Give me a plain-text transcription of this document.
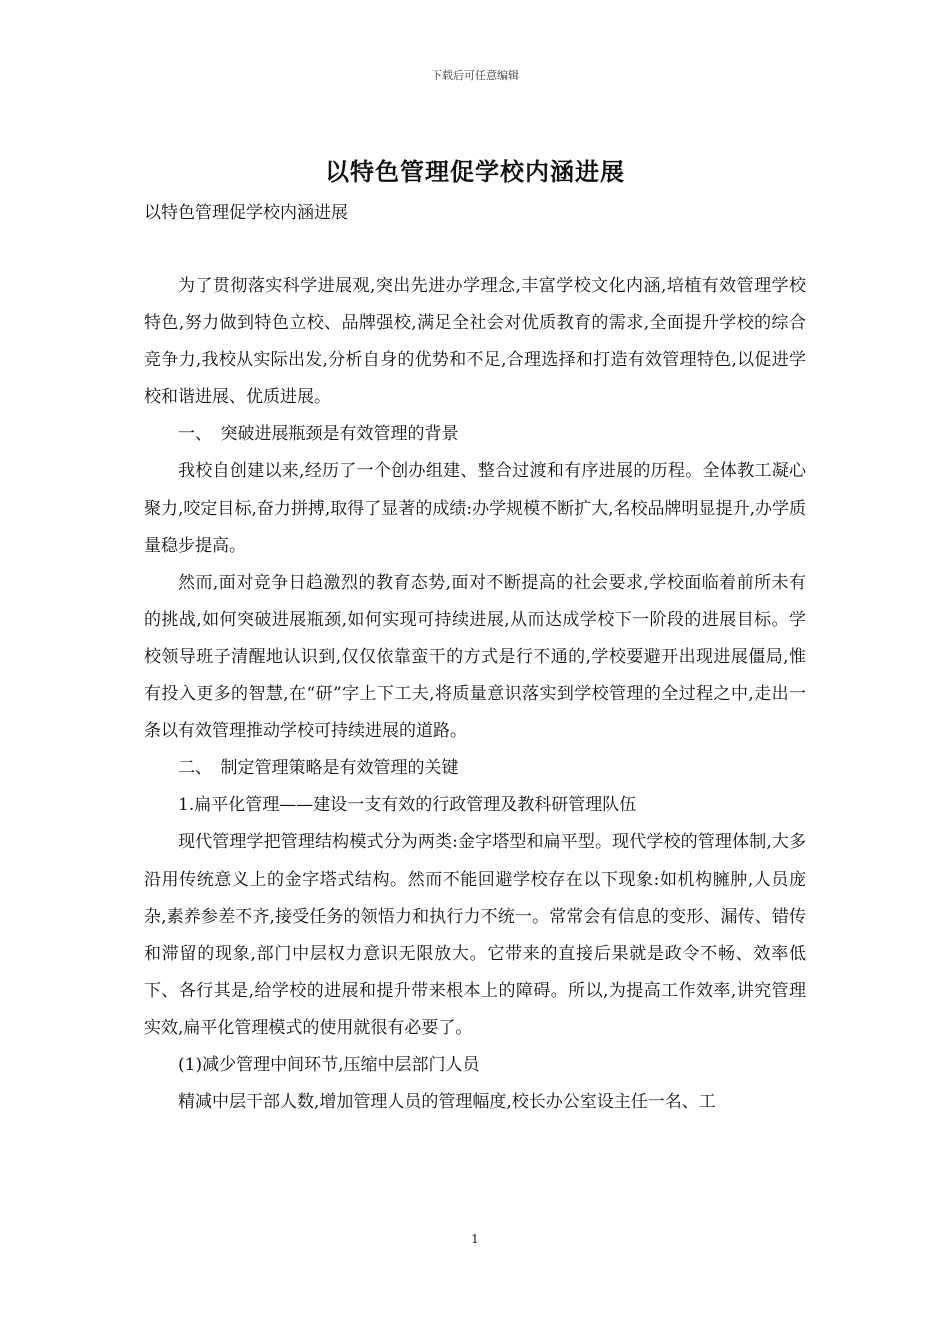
下载后可任意编辑
以特色管理促学校内涵进展

以特色管理促学校内涵进展

为了贯彻落实科学进展观,突出先进办学理念,丰富学校文化内涵,培植有效管理学校特色,努力做到特色立校、品牌强校,满足全社会对优质教育的需求,全面提升学校的综合竞争力,我校从实际出发,分析自身的优势和不足,合理选择和打造有效管理特色,以促进学校和谐进展、优质进展。

一、　突破进展瓶颈是有效管理的背景

我校自创建以来,经历了一个创办组建、整合过渡和有序进展的历程。全体教工凝心聚力,咬定目标,奋力拼搏,取得了显著的成绩:办学规模不断扩大,名校品牌明显提升,办学质量稳步提高。

然而,面对竞争日趋激烈的教育态势,面对不断提高的社会要求,学校面临着前所未有的挑战,如何突破进展瓶颈,如何实现可持续进展,从而达成学校下一阶段的进展目标。学校领导班子清醒地认识到,仅仅依靠蛮干的方式是行不通的,学校要避开出现进展僵局,惟有投入更多的智慧,在“研”字上下工夫,将质量意识落实到学校管理的全过程之中,走出一条以有效管理推动学校可持续进展的道路。

二、　制定管理策略是有效管理的关键

1.扁平化管理——建设一支有效的行政管理及教科研管理队伍

现代管理学把管理结构模式分为两类:金字塔型和扁平型。现代学校的管理体制,大多沿用传统意义上的金字塔式结构。然而不能回避学校存在以下现象:如机构臃肿,人员庞杂,素养参差不齐,接受任务的领悟力和执行力不统一。常常会有信息的变形、漏传、错传和滞留的现象,部门中层权力意识无限放大。它带来的直接后果就是政令不畅、效率低下、各行其是,给学校的进展和提升带来根本上的障碍。所以,为提高工作效率,讲究管理实效,扁平化管理模式的使用就很有必要了。

(1)减少管理中间环节,压缩中层部门人员

精减中层干部人数,增加管理人员的管理幅度,校长办公室设主任一名、工

1
